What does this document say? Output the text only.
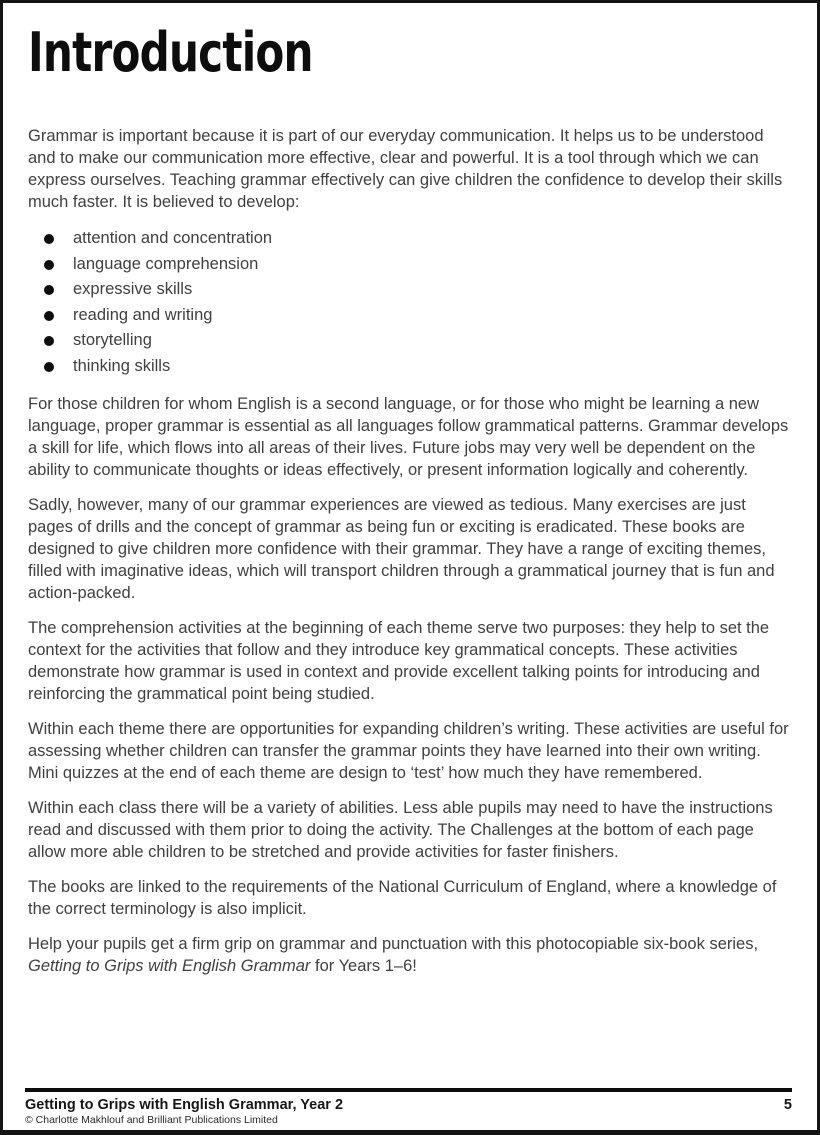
Introduction

Grammar is important because it is part of our everyday communication. It helps us to be understood and to make our communication more effective, clear and powerful. It is a tool through which we can express ourselves. Teaching grammar effectively can give children the confidence to develop their skills much faster. It is believed to develop:

attention and concentration
language comprehension
expressive skills
reading and writing
storytelling
thinking skills

For those children for whom English is a second language, or for those who might be learning a new language, proper grammar is essential as all languages follow grammatical patterns. Grammar develops a skill for life, which flows into all areas of their lives. Future jobs may very well be dependent on the ability to communicate thoughts or ideas effectively, or present information logically and coherently.

Sadly, however, many of our grammar experiences are viewed as tedious. Many exercises are just pages of drills and the concept of grammar as being fun or exciting is eradicated. These books are designed to give children more confidence with their grammar. They have a range of exciting themes, filled with imaginative ideas, which will transport children through a grammatical journey that is fun and action-packed.

The comprehension activities at the beginning of each theme serve two purposes: they help to set the context for the activities that follow and they introduce key grammatical concepts. These activities demonstrate how grammar is used in context and provide excellent talking points for introducing and reinforcing the grammatical point being studied.

Within each theme there are opportunities for expanding children’s writing. These activities are useful for assessing whether children can transfer the grammar points they have learned into their own writing. Mini quizzes at the end of each theme are design to ‘test’ how much they have remembered.

Within each class there will be a variety of abilities. Less able pupils may need to have the instructions read and discussed with them prior to doing the activity. The Challenges at the bottom of each page allow more able children to be stretched and provide activities for faster finishers.

The books are linked to the requirements of the National Curriculum of England, where a knowledge of the correct terminology is also implicit.

Help your pupils get a firm grip on grammar and punctuation with this photocopiable six-book series, Getting to Grips with English Grammar for Years 1–6!

Getting to Grips with English Grammar, Year 2	5
© Charlotte Makhlouf and Brilliant Publications Limited
